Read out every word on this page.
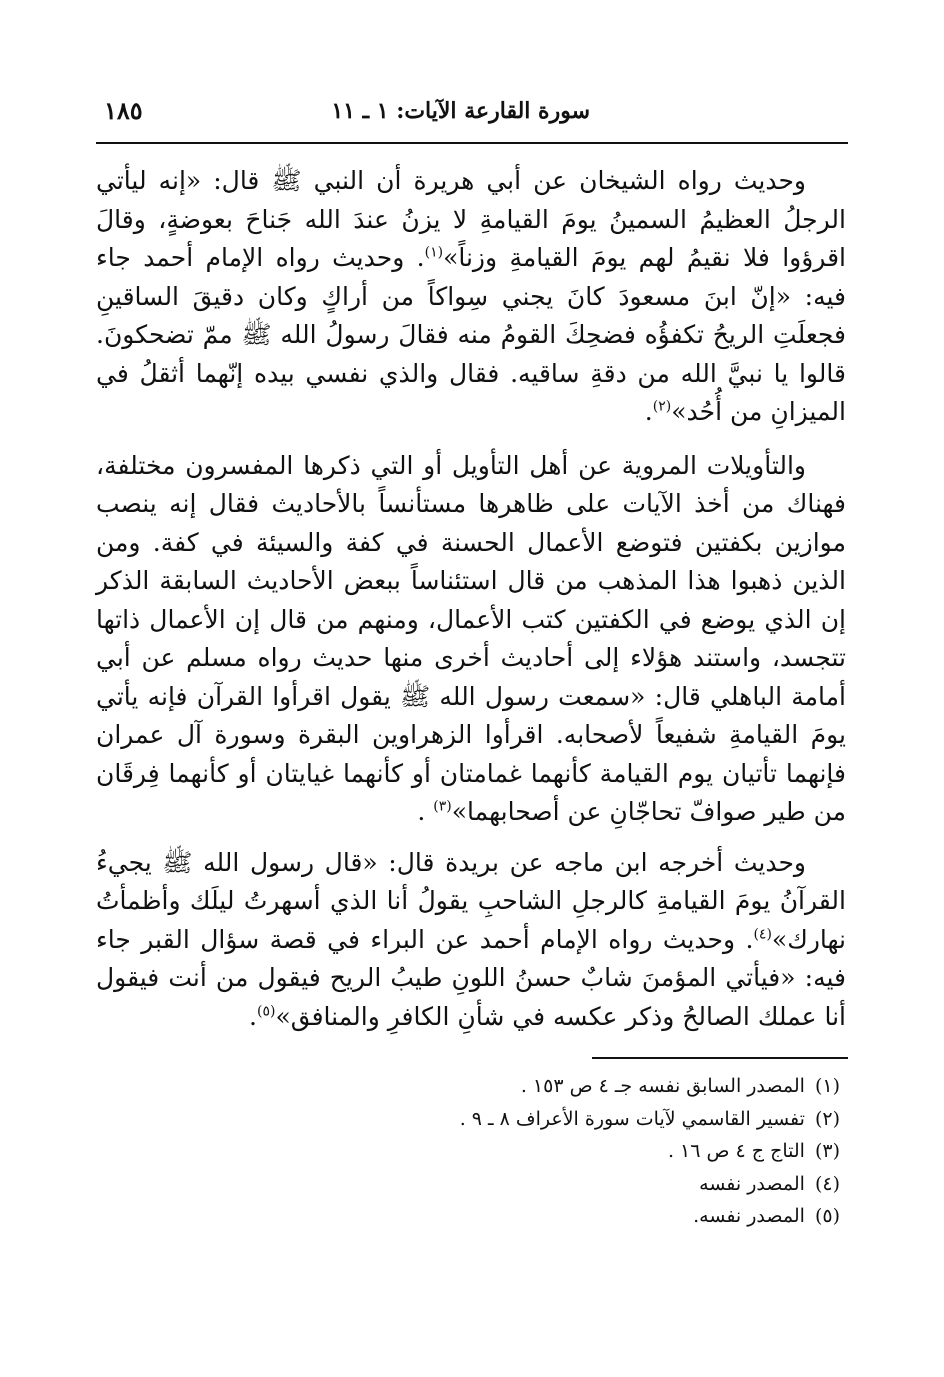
سورة القارعة الآيات: ١ ـ ١١
١٨٥

وحديث رواه الشيخان عن أبي هريرة أن النبي ﷺ قال: «إنه ليأتي الرجلُ العظيمُ السمينُ يومَ القيامةِ لا يزنُ عندَ الله جَناحَ بعوضةٍ، وقالَ اقرؤوا فلا نقيمُ لهم يومَ القيامةِ وزناً»$^{(١)}$. وحديث رواه الإمام أحمد جاء فيه: «إنّ ابنَ مسعودَ كانَ يجني سِواكاً من أراكٍ وكان دقيقَ الساقينِ فجعلَتِ الريحُ تكفؤُه فضحِكَ القومُ منه فقالَ رسولُ الله ﷺ ممّ تضحكونَ. قالوا يا نبيَّ الله من دقةِ ساقيه. فقال والذي نفسي بيده إنّهما أثقلُ في الميزانِ من أُحُد»$^{(٢)}$.

والتأويلات المروية عن أهل التأويل أو التي ذكرها المفسرون مختلفة، فهناك من أخذ الآيات على ظاهرها مستأنساً بالأحاديث فقال إنه ينصب موازين بكفتين فتوضع الأعمال الحسنة في كفة والسيئة في كفة. ومن الذين ذهبوا هذا المذهب من قال استئناساً ببعض الأحاديث السابقة الذكر إن الذي يوضع في الكفتين كتب الأعمال، ومنهم من قال إن الأعمال ذاتها تتجسد، واستند هؤلاء إلى أحاديث أخرى منها حديث رواه مسلم عن أبي أمامة الباهلي قال: «سمعت رسول الله ﷺ يقول اقرأوا القرآن فإنه يأتي يومَ القيامةِ شفيعاً لأصحابه. اقرأوا الزهراوين البقرة وسورة آل عمران فإنهما تأتيان يوم القيامة كأنهما غمامتان أو كأنهما غيايتان أو كأنهما فِرقَان من طير صوافّ تحاجّانِ عن أصحابهما»$^{(٣)}$ .

وحديث أخرجه ابن ماجه عن بريدة قال: «قال رسول الله ﷺ يجيءُ القرآنُ يومَ القيامةِ كالرجلِ الشاحبِ يقولُ أنا الذي أسهرتُ ليلَك وأظمأتُ نهارك»$^{(٤)}$. وحديث رواه الإمام أحمد عن البراء في قصة سؤال القبر جاء فيه: «فيأتي المؤمنَ شابٌ حسنُ اللونِ طيبُ الريح فيقول من أنت فيقول أنا عملك الصالحُ وذكر عكسه في شأنِ الكافرِ والمنافق»$^{(٥)}$.

(١)المصدر السابق نفسه جـ ٤ ص ١٥٣ .
(٢)تفسير القاسمي لآيات سورة الأعراف ٨ ـ ٩ .
(٣)التاج ج ٤ ص ١٦ .
(٤)المصدر نفسه
(٥)المصدر نفسه.
